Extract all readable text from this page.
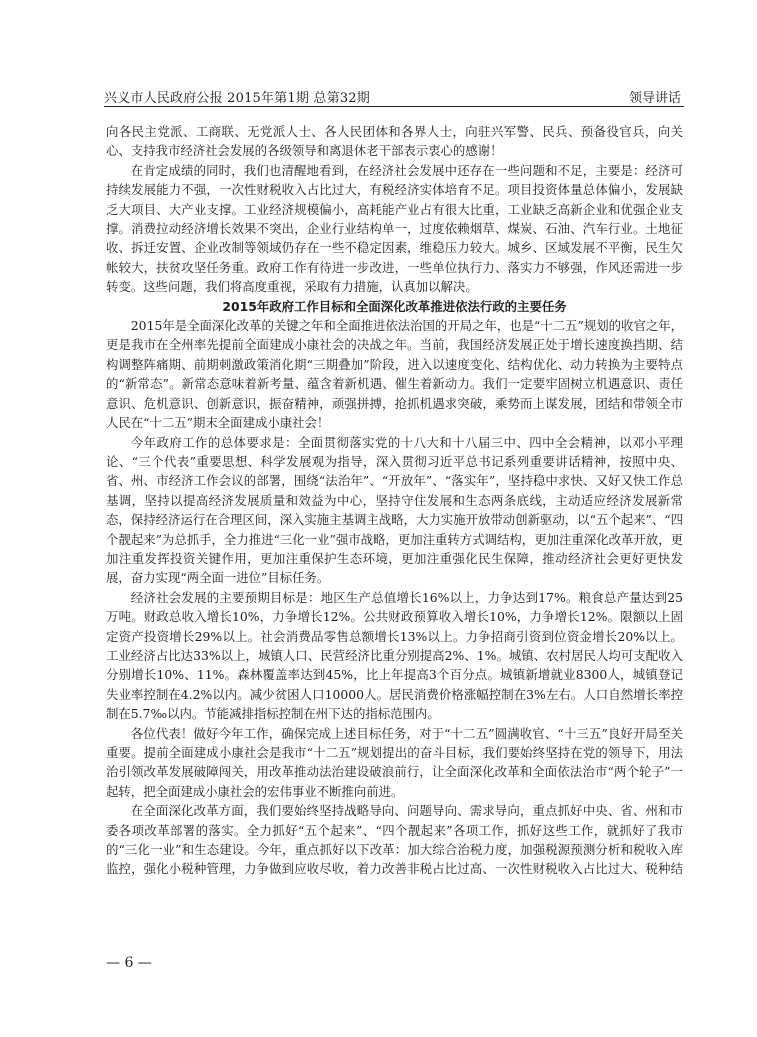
兴义市人民政府公报 2015年第1期 总第32期	领导讲话

向各民主党派、工商联、无党派人士、各人民团体和各界人士，向驻兴军警、民兵、预备役官兵，向关心、支持我市经济社会发展的各级领导和离退休老干部表示衷心的感谢！

在肯定成绩的同时，我们也清醒地看到，在经济社会发展中还存在一些问题和不足，主要是：经济可持续发展能力不强，一次性财税收入占比过大，有税经济实体培育不足。项目投资体量总体偏小，发展缺乏大项目、大产业支撑。工业经济规模偏小，高耗能产业占有很大比重，工业缺乏高新企业和优强企业支撑。消费拉动经济增长效果不突出，企业行业结构单一，过度依赖烟草、煤炭、石油、汽车行业。土地征收、拆迁安置、企业改制等领域仍存在一些不稳定因素，维稳压力较大。城乡、区域发展不平衡，民生欠帐较大，扶贫攻坚任务重。政府工作有待进一步改进，一些单位执行力、落实力不够强，作风还需进一步转变。这些问题，我们将高度重视，采取有力措施，认真加以解决。

2015年政府工作目标和全面深化改革推进依法行政的主要任务

2015年是全面深化改革的关键之年和全面推进依法治国的开局之年，也是“十二五”规划的收官之年，更是我市在全州率先提前全面建成小康社会的决战之年。当前，我国经济发展正处于增长速度换挡期、结构调整阵痛期、前期刺激政策消化期“三期叠加”阶段，进入以速度变化、结构优化、动力转换为主要特点的“新常态”。新常态意味着新考量、蕴含着新机遇、催生着新动力。我们一定要牢固树立机遇意识、责任意识、危机意识、创新意识，振奋精神，顽强拼搏，抢抓机遇求突破，乘势而上谋发展，团结和带领全市人民在“十二五”期末全面建成小康社会！

今年政府工作的总体要求是：全面贯彻落实党的十八大和十八届三中、四中全会精神，以邓小平理论、“三个代表”重要思想、科学发展观为指导，深入贯彻习近平总书记系列重要讲话精神，按照中央、省、州、市经济工作会议的部署，围绕“法治年”、“开放年”、“落实年”，坚持稳中求快、又好又快工作总基调，坚持以提高经济发展质量和效益为中心，坚持守住发展和生态两条底线，主动适应经济发展新常态，保持经济运行在合理区间，深入实施主基调主战略，大力实施开放带动创新驱动，以“五个起来”、“四个靓起来”为总抓手，全力推进“三化一业”强市战略，更加注重转方式调结构，更加注重深化改革开放，更加注重发挥投资关键作用，更加注重保护生态环境，更加注重强化民生保障，推动经济社会更好更快发展，奋力实现“两全面一进位”目标任务。

经济社会发展的主要预期目标是：地区生产总值增长16%以上，力争达到17%。粮食总产量达到25万吨。财政总收入增长10%，力争增长12%。公共财政预算收入增长10%，力争增长12%。限额以上固定资产投资增长29%以上。社会消费品零售总额增长13%以上。力争招商引资到位资金增长20%以上。工业经济占比达33%以上，城镇人口、民营经济比重分别提高2%、1%。城镇、农村居民人均可支配收入分别增长10%、11%。森林覆盖率达到45%，比上年提高3个百分点。城镇新增就业8300人，城镇登记失业率控制在4.2%以内。减少贫困人口10000人。居民消费价格涨幅控制在3%左右。人口自然增长率控制在5.7‰以内。节能减排指标控制在州下达的指标范围内。

各位代表！做好今年工作，确保完成上述目标任务，对于“十二五”圆满收官、“十三五”良好开局至关重要。提前全面建成小康社会是我市“十二五”规划提出的奋斗目标，我们要始终坚持在党的领导下，用法治引领改革发展破障闯关，用改革推动法治建设破浪前行，让全面深化改革和全面依法治市“两个轮子”一起转，把全面建成小康社会的宏伟事业不断推向前进。

在全面深化改革方面，我们要始终坚持战略导向、问题导向、需求导向，重点抓好中央、省、州和市委各项改革部署的落实。全力抓好“五个起来”、“四个靓起来”各项工作，抓好这些工作，就抓好了我市的“三化一业”和生态建设。今年，重点抓好以下改革：加大综合治税力度，加强税源预测分析和税收入库监控，强化小税种管理，力争做到应收尽收，着力改善非税占比过高、一次性财税收入占比过大、税种结

— 6 —
